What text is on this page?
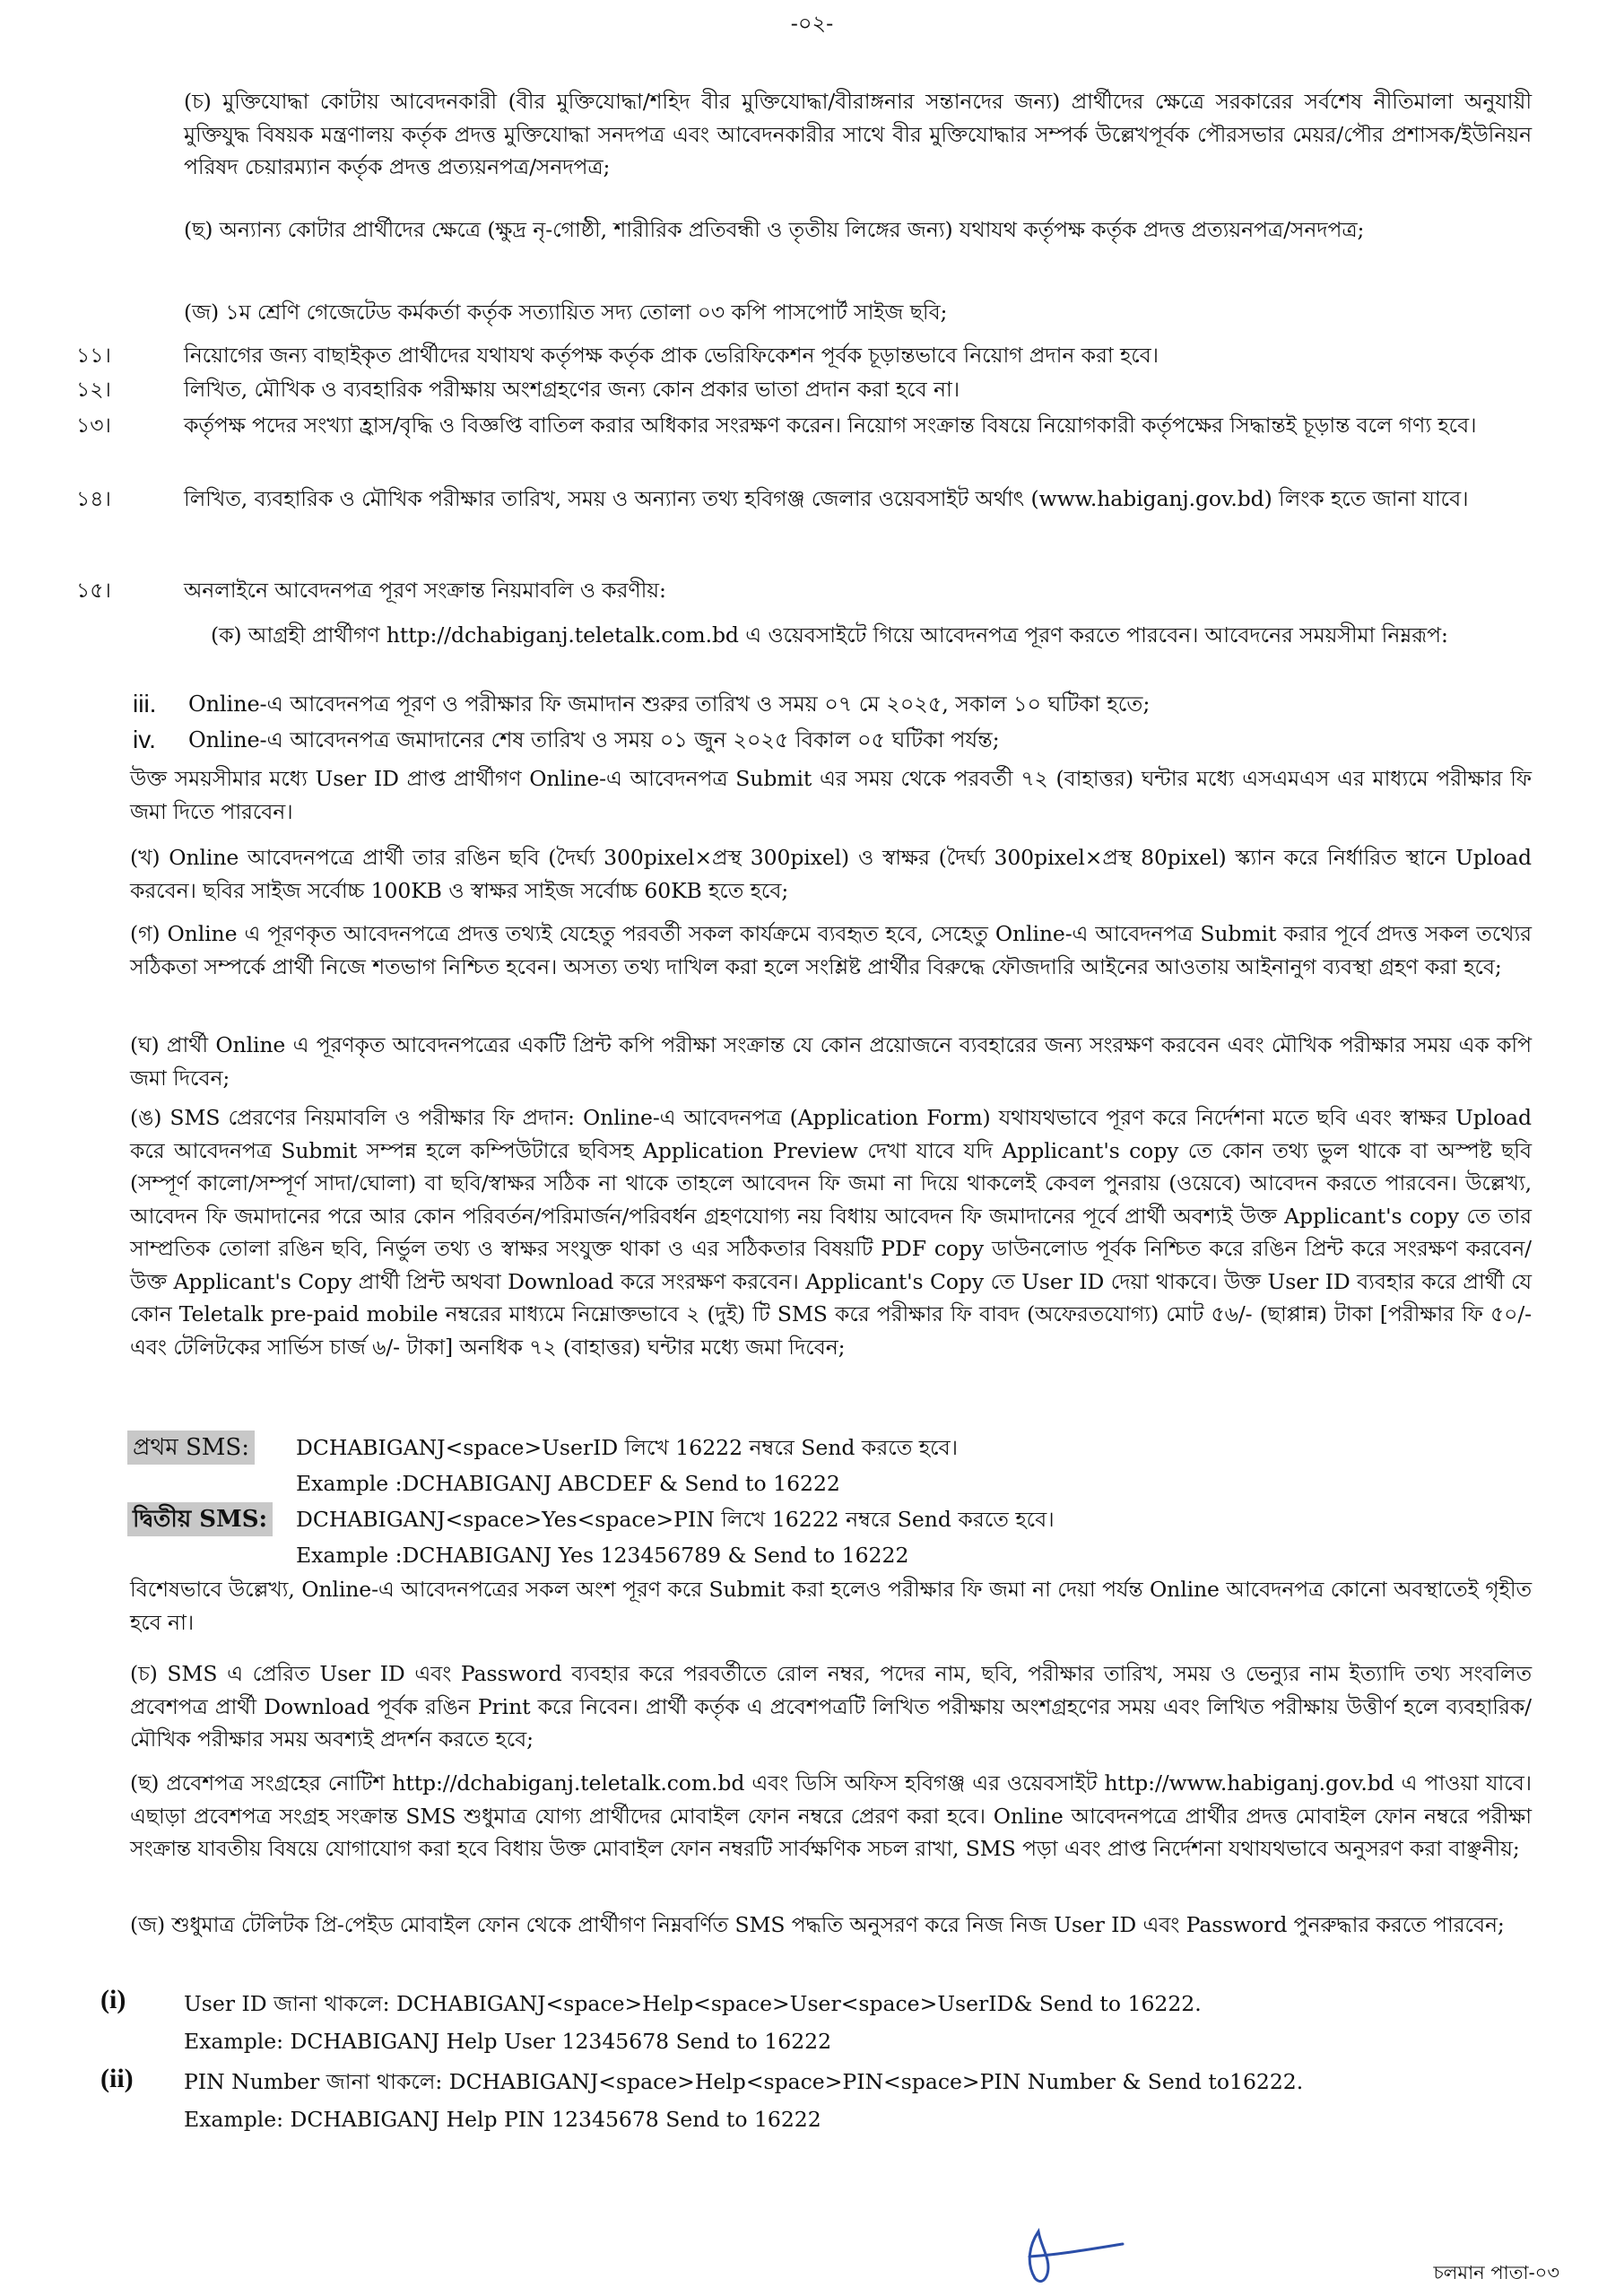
-০২-
(চ) মুক্তিযোদ্ধা কোটায় আবেদনকারী (বীর মুক্তিযোদ্ধা/শহিদ বীর মুক্তিযোদ্ধা/বীরাঙ্গনার সন্তানদের জন্য) প্রার্থীদের ক্ষেত্রে সরকারের সর্বশেষ নীতিমালা অনুযায়ী মুক্তিযুদ্ধ বিষয়ক মন্ত্রণালয় কর্তৃক প্রদত্ত মুক্তিযোদ্ধা সনদপত্র এবং আবেদনকারীর সাথে বীর মুক্তিযোদ্ধার সম্পর্ক উল্লেখপূর্বক পৌরসভার মেয়র/পৌর প্রশাসক/ইউনিয়ন পরিষদ চেয়ারম্যান কর্তৃক প্রদত্ত প্রত্যয়নপত্র/সনদপত্র;
(ছ) অন্যান্য কোটার প্রার্থীদের ক্ষেত্রে (ক্ষুদ্র নৃ-গোষ্ঠী, শারীরিক প্রতিবন্ধী ও তৃতীয় লিঙ্গের জন্য) যথাযথ কর্তৃপক্ষ কর্তৃক প্রদত্ত প্রত্যয়নপত্র/সনদপত্র;
(জ) ১ম শ্রেণি গেজেটেড কর্মকর্তা কর্তৃক সত্যায়িত সদ্য তোলা ০৩ কপি পাসপোর্ট সাইজ ছবি;
১১।	নিয়োগের জন্য বাছাইকৃত প্রার্থীদের যথাযথ কর্তৃপক্ষ কর্তৃক প্রাক ভেরিফিকেশন পূর্বক চূড়ান্তভাবে নিয়োগ প্রদান করা হবে।
১২।	লিখিত, মৌখিক ও ব্যবহারিক পরীক্ষায় অংশগ্রহণের জন্য কোন প্রকার ভাতা প্রদান করা হবে না।
১৩।	কর্তৃপক্ষ পদের সংখ্যা হ্রাস/বৃদ্ধি ও বিজ্ঞপ্তি বাতিল করার অধিকার সংরক্ষণ করেন। নিয়োগ সংক্রান্ত বিষয়ে নিয়োগকারী কর্তৃপক্ষের সিদ্ধান্তই চূড়ান্ত বলে গণ্য হবে।
১৪।	লিখিত, ব্যবহারিক ও মৌখিক পরীক্ষার তারিখ, সময় ও অন্যান্য তথ্য হবিগঞ্জ জেলার ওয়েবসাইট অর্থাৎ (www.habiganj.gov.bd) লিংক হতে জানা যাবে।
১৫।	অনলাইনে আবেদনপত্র পূরণ সংক্রান্ত নিয়মাবলি ও করণীয়:
(ক) আগ্রহী প্রার্থীগণ http://dchabiganj.teletalk.com.bd এ ওয়েবসাইটে গিয়ে আবেদনপত্র পূরণ করতে পারবেন। আবেদনের সময়সীমা নিম্নরূপ:
iii. Online-এ আবেদনপত্র পূরণ ও পরীক্ষার ফি জমাদান শুরুর তারিখ ও সময় ০৭ মে ২০২৫, সকাল ১০ ঘটিকা হতে;
iv. Online-এ আবেদনপত্র জমাদানের শেষ তারিখ ও সময় ০১ জুন ২০২৫ বিকাল ০৫ ঘটিকা পর্যন্ত;
উক্ত সময়সীমার মধ্যে User ID প্রাপ্ত প্রার্থীগণ Online-এ আবেদনপত্র Submit এর সময় থেকে পরবর্তী ৭২ (বাহাত্তর) ঘন্টার মধ্যে এসএমএস এর মাধ্যমে পরীক্ষার ফি জমা দিতে পারবেন।
(খ) Online আবেদনপত্রে প্রার্থী তার রঙিন ছবি (দৈর্ঘ্য 300pixel×প্রস্থ 300pixel) ও স্বাক্ষর (দৈর্ঘ্য 300pixel×প্রস্থ 80pixel) স্ক্যান করে নির্ধারিত স্থানে Upload করবেন। ছবির সাইজ সর্বোচ্চ 100KB ও স্বাক্ষর সাইজ সর্বোচ্চ 60KB হতে হবে;
(গ) Online এ পূরণকৃত আবেদনপত্রে প্রদত্ত তথ্যই যেহেতু পরবর্তী সকল কার্যক্রমে ব্যবহৃত হবে, সেহেতু Online-এ আবেদনপত্র Submit করার পূর্বে প্রদত্ত সকল তথ্যের সঠিকতা সম্পর্কে প্রার্থী নিজে শতভাগ নিশ্চিত হবেন। অসত্য তথ্য দাখিল করা হলে সংশ্লিষ্ট প্রার্থীর বিরুদ্ধে ফৌজদারি আইনের আওতায় আইনানুগ ব্যবস্থা গ্রহণ করা হবে;
(ঘ) প্রার্থী Online এ পূরণকৃত আবেদনপত্রের একটি প্রিন্ট কপি পরীক্ষা সংক্রান্ত যে কোন প্রয়োজনে ব্যবহারের জন্য সংরক্ষণ করবেন এবং মৌখিক পরীক্ষার সময় এক কপি জমা দিবেন;
(ঙ) SMS প্রেরণের নিয়মাবলি ও পরীক্ষার ফি প্রদান: Online-এ আবেদনপত্র (Application Form) যথাযথভাবে পূরণ করে নির্দেশনা মতে ছবি এবং স্বাক্ষর Upload করে আবেদনপত্র Submit সম্পন্ন হলে কম্পিউটারে ছবিসহ Application Preview দেখা যাবে যদি Applicant's copy তে কোন তথ্য ভুল থাকে বা অস্পষ্ট ছবি (সম্পূর্ণ কালো/সম্পূর্ণ সাদা/ঘোলা) বা ছবি/স্বাক্ষর সঠিক না থাকে তাহলে আবেদন ফি জমা না দিয়ে থাকলেই কেবল পুনরায় (ওয়েবে) আবেদন করতে পারবেন। উল্লেখ্য, আবেদন ফি জমাদানের পরে আর কোন পরিবর্তন/পরিমার্জন/পরিবর্ধন গ্রহণযোগ্য নয় বিধায় আবেদন ফি জমাদানের পূর্বে প্রার্থী অবশ্যই উক্ত Applicant's copy তে তার সাম্প্রতিক তোলা রঙিন ছবি, নির্ভুল তথ্য ও স্বাক্ষর সংযুক্ত থাকা ও এর সঠিকতার বিষয়টি PDF copy ডাউনলোড পূর্বক নিশ্চিত করে রঙিন প্রিন্ট করে সংরক্ষণ করবেন/উক্ত Applicant's Copy প্রার্থী প্রিন্ট অথবা Download করে সংরক্ষণ করবেন। Applicant's Copy তে User ID দেয়া থাকবে। উক্ত User ID ব্যবহার করে প্রার্থী যে কোন Teletalk pre-paid mobile নম্বরের মাধ্যমে নিম্নোক্তভাবে ২ (দুই) টি SMS করে পরীক্ষার ফি বাবদ (অফেরতযোগ্য) মোট ৫৬/- (ছাপ্পান্ন) টাকা [পরীক্ষার ফি ৫০/- এবং টেলিটকের সার্ভিস চার্জ ৬/- টাকা] অনধিক ৭২ (বাহাত্তর) ঘন্টার মধ্যে জমা দিবেন;
প্রথম SMS: DCHABIGANJ<space>UserID লিখে 16222 নম্বরে Send করতে হবে।
Example :DCHABIGANJ ABCDEF & Send to 16222
দ্বিতীয় SMS: DCHABIGANJ<space>Yes<space>PIN লিখে 16222 নম্বরে Send করতে হবে।
Example :DCHABIGANJ Yes 123456789 & Send to 16222
বিশেষভাবে উল্লেখ্য, Online-এ আবেদনপত্রের সকল অংশ পূরণ করে Submit করা হলেও পরীক্ষার ফি জমা না দেয়া পর্যন্ত Online আবেদনপত্র কোনো অবস্থাতেই গৃহীত হবে না।
(চ) SMS এ প্রেরিত User ID এবং Password ব্যবহার করে পরবর্তীতে রোল নম্বর, পদের নাম, ছবি, পরীক্ষার তারিখ, সময় ও ভেন্যুর নাম ইত্যাদি তথ্য সংবলিত প্রবেশপত্র প্রার্থী Download পূর্বক রঙিন Print করে নিবেন। প্রার্থী কর্তৃক এ প্রবেশপত্রটি লিখিত পরীক্ষায় অংশগ্রহণের সময় এবং লিখিত পরীক্ষায় উত্তীর্ণ হলে ব্যবহারিক/মৌখিক পরীক্ষার সময় অবশ্যই প্রদর্শন করতে হবে;
(ছ) প্রবেশপত্র সংগ্রহের নোটিশ http://dchabiganj.teletalk.com.bd এবং ডিসি অফিস হবিগঞ্জ এর ওয়েবসাইট http://www.habiganj.gov.bd এ পাওয়া যাবে। এছাড়া প্রবেশপত্র সংগ্রহ সংক্রান্ত SMS শুধুমাত্র যোগ্য প্রার্থীদের মোবাইল ফোন নম্বরে প্রেরণ করা হবে। Online আবেদনপত্রে প্রার্থীর প্রদত্ত মোবাইল ফোন নম্বরে পরীক্ষা সংক্রান্ত যাবতীয় বিষয়ে যোগাযোগ করা হবে বিধায় উক্ত মোবাইল ফোন নম্বরটি সার্বক্ষণিক সচল রাখা, SMS পড়া এবং প্রাপ্ত নির্দেশনা যথাযথভাবে অনুসরণ করা বাঞ্ছনীয়;
(জ) শুধুমাত্র টেলিটক প্রি-পেইড মোবাইল ফোন থেকে প্রার্থীগণ নিম্নবর্ণিত SMS পদ্ধতি অনুসরণ করে নিজ নিজ User ID এবং Password পুনরুদ্ধার করতে পারবেন;
(i)	User ID জানা থাকলে: DCHABIGANJ<space>Help<space>User<space>UserID& Send to 16222.
Example: DCHABIGANJ Help User 12345678 Send to 16222
(ii) PIN Number জানা থাকলে: DCHABIGANJ<space>Help<space>PIN<space>PIN Number & Send to16222.
Example: DCHABIGANJ Help PIN 12345678 Send to 16222
চলমান পাতা-০৩
